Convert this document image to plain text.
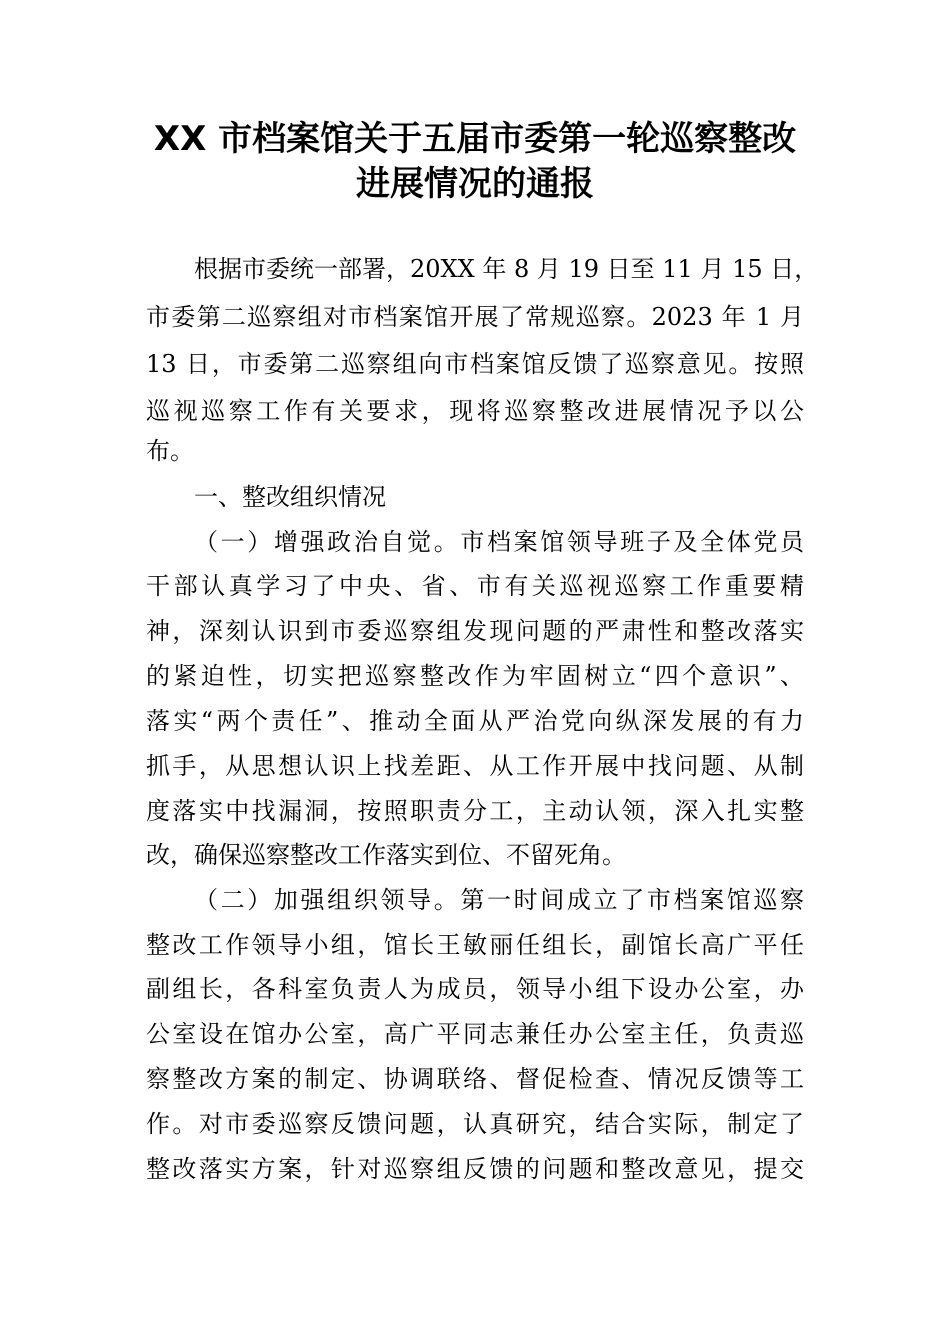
XX 市档案馆关于五届市委第一轮巡察整改
进展情况的通报
根据市委统一部署，20XX 年 8 月 19 日至 11 月 15 日，
市委第二巡察组对市档案馆开展了常规巡察。2023 年 1 月
13 日，市委第二巡察组向市档案馆反馈了巡察意见。按照
巡视巡察工作有关要求，现将巡察整改进展情况予以公
布。
一、整改组织情况
（一）增强政治自觉。市档案馆领导班子及全体党员
干部认真学习了中央、省、市有关巡视巡察工作重要精
神，深刻认识到市委巡察组发现问题的严肃性和整改落实
的紧迫性，切实把巡察整改作为牢固树立“四个意识”、
落实“两个责任”、推动全面从严治党向纵深发展的有力
抓手，从思想认识上找差距、从工作开展中找问题、从制
度落实中找漏洞，按照职责分工，主动认领，深入扎实整
改，确保巡察整改工作落实到位、不留死角。
（二）加强组织领导。第一时间成立了市档案馆巡察
整改工作领导小组，馆长王敏丽任组长，副馆长高广平任
副组长，各科室负责人为成员，领导小组下设办公室，办
公室设在馆办公室，高广平同志兼任办公室主任，负责巡
察整改方案的制定、协调联络、督促检查、情况反馈等工
作。对市委巡察反馈问题，认真研究，结合实际，制定了
整改落实方案，针对巡察组反馈的问题和整改意见，提交
